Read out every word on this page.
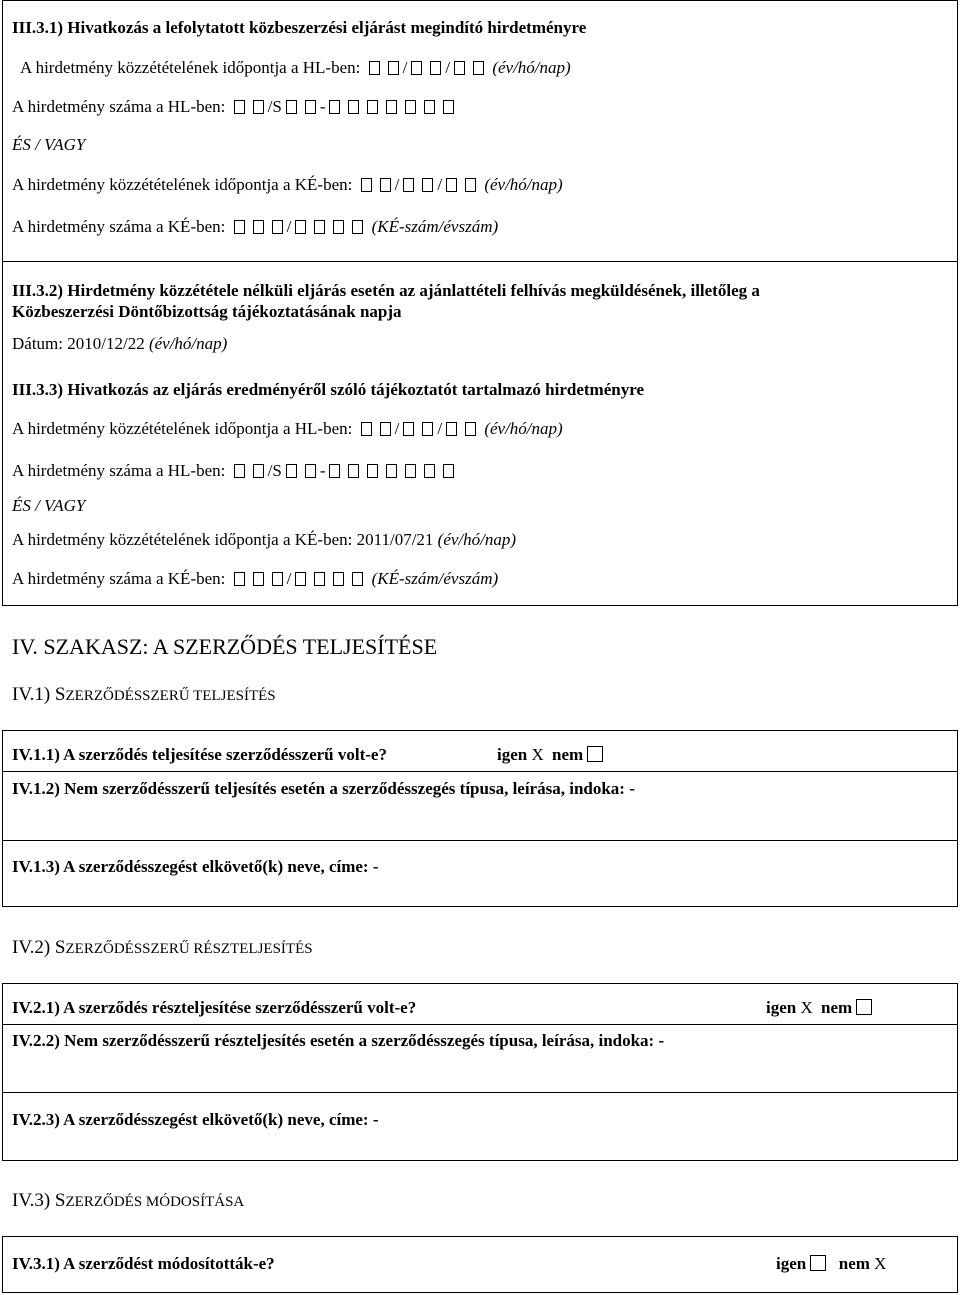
III.3.1) Hivatkozás a lefolytatott közbeszerzési eljárást megindító hirdetményre
A hirdetmény közzétételének időpontja a HL-ben: / / (év/hó/nap)
A hirdetmény száma a HL-ben: /S -
ÉS / VAGY
A hirdetmény közzétételének időpontja a KÉ-ben: / / (év/hó/nap)
A hirdetmény száma a KÉ-ben:	/	(KÉ-szám/évszám)
III.3.2) Hirdetmény közzététele nélküli eljárás esetén az ajánlattételi felhívás megküldésének, illetőleg a
Közbeszerzési Döntőbizottság tájékoztatásának napja
Dátum: 2010/12/22 (év/hó/nap)
III.3.3) Hivatkozás az eljárás eredményéről szóló tájékoztatót tartalmazó hirdetményre
A hirdetmény közzétételének időpontja a HL-ben: / / (év/hó/nap)
A hirdetmény száma a HL-ben: /S -
ÉS / VAGY
A hirdetmény közzétételének időpontja a KÉ-ben: 2011/07/21 (év/hó/nap)
A hirdetmény száma a KÉ-ben:	/	(KÉ-szám/évszám)
IV. SZAKASZ: A SZERZŐDÉS TELJESÍTÉSE
IV.1) SZERZŐDÉSSZERŰ TELJESÍTÉS
IV.1.1) A szerződés teljesítése szerződésszerű volt-e?	igen X nem
IV.1.2) Nem szerződésszerű teljesítés esetén a szerződésszegés típusa, leírása, indoka: -
IV.1.3) A szerződésszegést elkövető(k) neve, címe: -
IV.2) SZERZŐDÉSSZERŰ RÉSZTELJESÍTÉS
IV.2.1) A szerződés részteljesítése szerződésszerű volt-e?	igen X nem
IV.2.2) Nem szerződésszerű részteljesítés esetén a szerződésszegés típusa, leírása, indoka: -
IV.2.3) A szerződésszegést elkövető(k) neve, címe: -
IV.3) SZERZŐDÉS MÓDOSÍTÁSA
IV.3.1) A szerződést módosították-e?	igen nem X
